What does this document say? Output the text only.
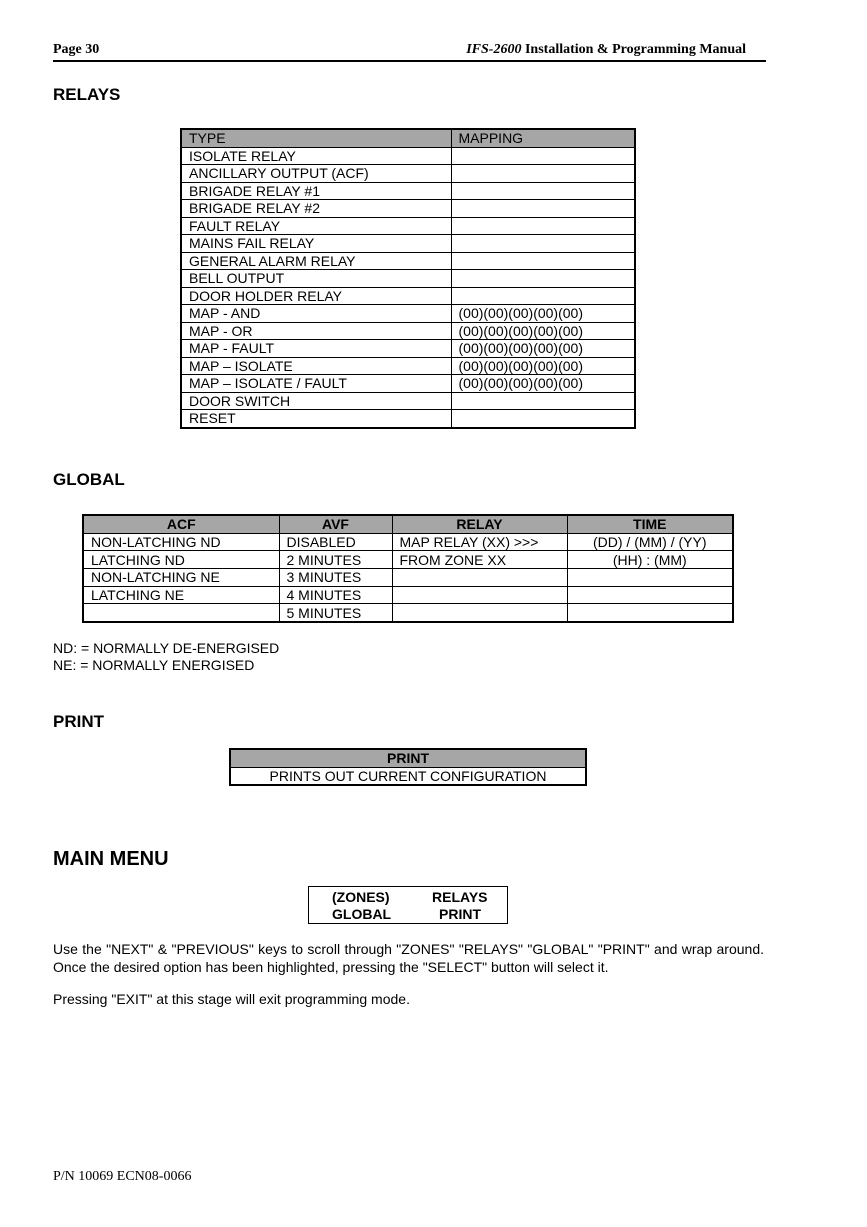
Page 30	IFS-2600 Installation & Programming Manual
RELAYS
TYPE	MAPPING
ISOLATE RELAY	
ANCILLARY OUTPUT (ACF)	
BRIGADE RELAY #1	
BRIGADE RELAY #2	
FAULT RELAY	
MAINS FAIL RELAY	
GENERAL ALARM RELAY	
BELL OUTPUT	
DOOR HOLDER RELAY	
MAP - AND	(00)(00)(00)(00)(00)
MAP - OR	(00)(00)(00)(00)(00)
MAP - FAULT	(00)(00)(00)(00)(00)
MAP – ISOLATE	(00)(00)(00)(00)(00)
MAP – ISOLATE / FAULT	(00)(00)(00)(00)(00)
DOOR SWITCH	
RESET	
GLOBAL
ACF	AVF	RELAY	TIME
NON-LATCHING ND	DISABLED	MAP RELAY (XX) >>>	(DD) / (MM) / (YY)
LATCHING ND	2 MINUTES	FROM ZONE XX	(HH) : (MM)
NON-LATCHING NE	3 MINUTES		
LATCHING NE	4 MINUTES		
	5 MINUTES		
ND: = NORMALLY DE-ENERGISED
NE: = NORMALLY ENERGISED
PRINT
PRINT
PRINTS OUT CURRENT CONFIGURATION
MAIN MENU
(ZONES)	RELAYS
GLOBAL	PRINT
Use the "NEXT" & "PREVIOUS" keys to scroll through "ZONES" "RELAYS" "GLOBAL" "PRINT" and wrap around. Once the desired option has been highlighted, pressing the "SELECT" button will select it.
Pressing "EXIT" at this stage will exit programming mode.
P/N 10069 ECN08-0066
